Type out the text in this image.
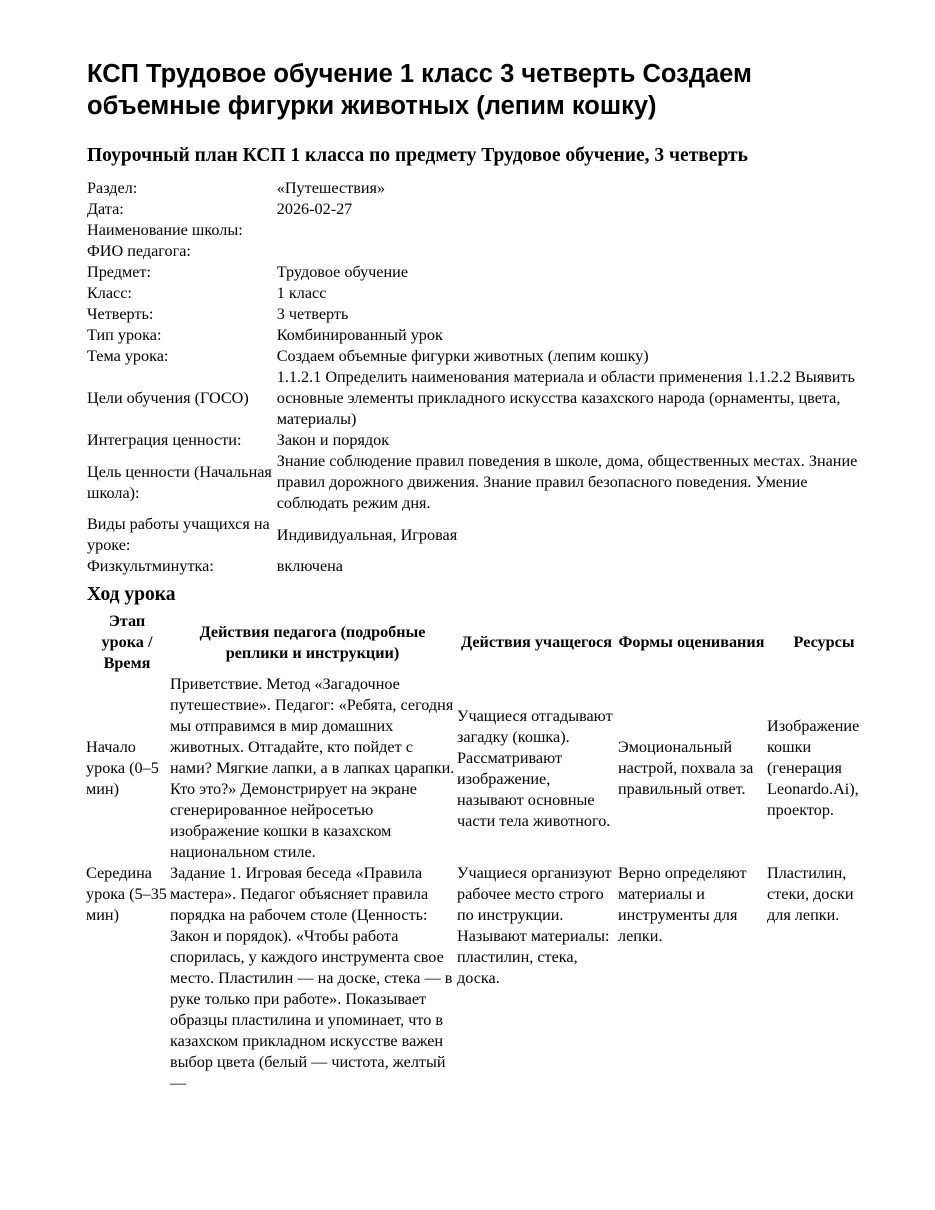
КСП Трудовое обучение 1 класс 3 четверть Создаем объемные фигурки животных (лепим кошку)
Поурочный план КСП 1 класса по предмету Трудовое обучение, 3 четверть
Раздел:	«Путешествия»
Дата:	2026-02-27
Наименование школы:	
ФИО педагога:	
Предмет:	Трудовое обучение
Класс:	1 класс
Четверть:	3 четверть
Тип урока:	Комбинированный урок
Тема урока:	Создаем объемные фигурки животных (лепим кошку)
Цели обучения (ГОСО)	1.1.2.1 Определить наименования материала и области применения 1.1.2.2 Выявить основные элементы прикладного искусства казахского народа (орнаменты, цвета, материалы)
Интеграция ценности:	Закон и порядок
Цель ценности (Начальная школа):	Знание соблюдение правил поведения в школе, дома, общественных местах. Знание правил дорожного движения. Знание правил безопасного поведения. Умение соблюдать режим дня.
Виды работы учащихся на уроке:	Индивидуальная, Игровая
Физкультминутка:	включена
Ход урока
Этап урока / Время	Действия педагога (подробные реплики и инструкции)	Действия учащегося	Формы оценивания	Ресурсы
Начало урока (0–5 мин)	Приветствие. Метод «Загадочное путешествие». Педагог: «Ребята, сегодня мы отправимся в мир домашних животных. Отгадайте, кто пойдет с нами? Мягкие лапки, а в лапках царапки. Кто это?» Демонстрирует на экране сгенерированное нейросетью изображение кошки в казахском национальном стиле.	Учащиеся отгадывают загадку (кошка). Рассматривают изображение, называют основные части тела животного.	Эмоциональный настрой, похвала за правильный ответ.	Изображение кошки (генерация Leonardo.Ai), проектор.
Середина урока (5–35 мин)	Задание 1. Игровая беседа «Правила мастера». Педагог объясняет правила порядка на рабочем столе (Ценность: Закон и порядок). «Чтобы работа спорилась, у каждого инструмента свое место. Пластилин — на доске, стека — в руке только при работе». Показывает образцы пластилина и упоминает, что в казахском прикладном искусстве важен выбор цвета (белый — чистота, желтый —	Учащиеся организуют рабочее место строго по инструкции. Называют материалы: пластилин, стека, доска.	Верно определяют материалы и инструменты для лепки.	Пластилин, стеки, доски для лепки.
